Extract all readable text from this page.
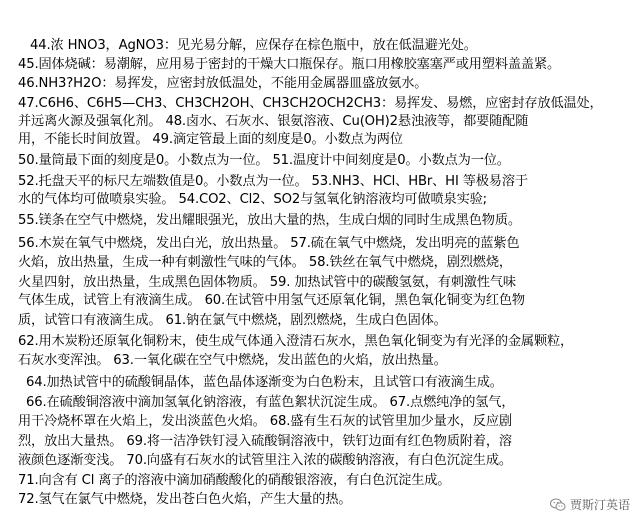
44.浓 HNO3，AgNO3：见光易分解，应保存在棕色瓶中，放在低温避光处。
45.固体烧碱：易潮解，应用易于密封的干燥大口瓶保存。瓶口用橡胶塞塞严或用塑料盖盖紧。
46.NH3?H2O：易挥发，应密封放低温处，不能用金属器皿盛放氨水。
47.C6H6、C6H5—CH3、CH3CH2OH、CH3CH2OCH2CH3：易挥发、易燃，应密封存放低温处，
并远离火源及强氧化剂。 48.卤水、石灰水、银氨溶液、Cu(OH)2悬浊液等，都要随配随
用，不能长时间放置。 49.滴定管最上面的刻度是0。小数点为两位
50.量筒最下面的刻度是0。小数点为一位。 51.温度计中间刻度是0。小数点为一位。
52.托盘天平的标尺左端数值是0。小数点为一位。 53.NH3、HCl、HBr、HI 等极易溶于
水的气体均可做喷泉实验。 54.CO2、Cl2、SO2与氢氧化钠溶液均可做喷泉实验;
55.镁条在空气中燃烧，发出耀眼强光，放出大量的热，生成白烟的同时生成黑色物质。
56.木炭在氧气中燃烧，发出白光，放出热量。 57.硫在氧气中燃烧，发出明亮的蓝紫色
火焰，放出热量，生成一种有刺激性气味的气体。 58.铁丝在氧气中燃烧，剧烈燃烧，
火星四射，放出热量，生成黑色固体物质。 59. 加热试管中的碳酸氢氨，有刺激性气味
气体生成，试管上有液滴生成。 60.在试管中用氢气还原氧化铜，黑色氧化铜变为红色物
质，试管口有液滴生成。 61.钠在氯气中燃烧，剧烈燃烧，生成白色固体。
62.用木炭粉还原氧化铜粉末，使生成气体通入澄清石灰水，黑色氧化铜变为有光泽的金属颗粒，
石灰水变浑浊。 63.一氧化碳在空气中燃烧，发出蓝色的火焰，放出热量。
64.加热试管中的硫酸铜晶体，蓝色晶体逐渐变为白色粉末，且试管口有液滴生成。
66.在硫酸铜溶液中滴加氢氧化钠溶液，有蓝色絮状沉淀生成。 67.点燃纯净的氢气，
用干冷烧杯罩在火焰上，发出淡蓝色火焰。 68.盛有生石灰的试管里加少量水，反应剧
烈，放出大量热。 69.将一洁净铁钉浸入硫酸铜溶液中，铁钉边面有红色物质附着，溶
液颜色逐渐变浅。 70.向盛有石灰水的试管里注入浓的碳酸钠溶液，有白色沉淀生成。
71.向含有 Cl 离子的溶液中滴加硝酸酸化的硝酸银溶液，有白色沉淀生成。
72.氢气在氯气中燃烧，发出苍白色火焰，产生大量的热。	贾斯汀英语
